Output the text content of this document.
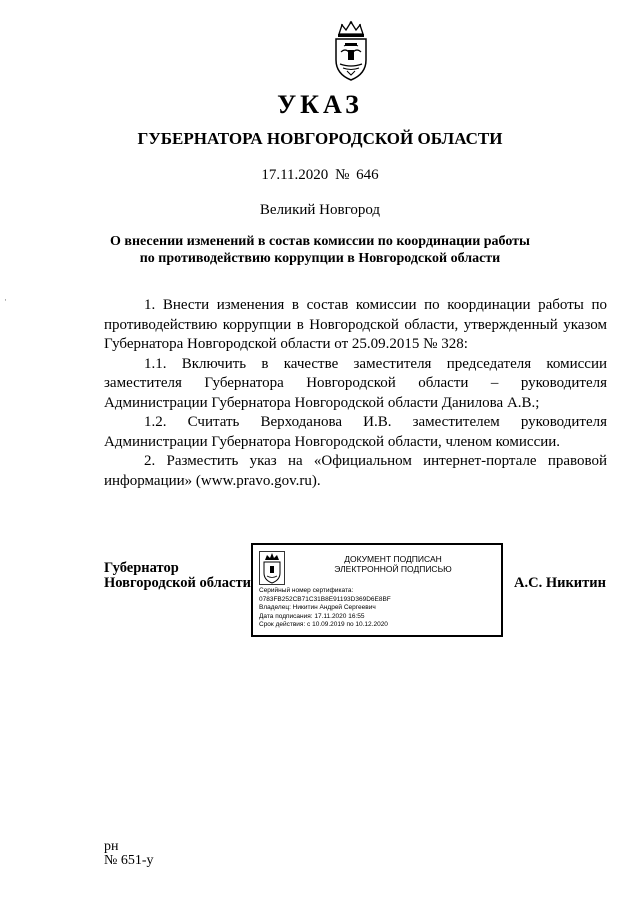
УКАЗ
ГУБЕРНАТОРА НОВГОРОДСКОЙ ОБЛАСТИ
17.11.2020 № 646
Великий Новгород
О внесении изменений в состав комиссии по координации работы
по противодействию коррупции в Новгородской области
·	1. Внести изменения в состав комиссии по координации работы по противодействию коррупции в Новгородской области, утвержденный указом Губернатора Новгородской области от 25.09.2015 № 328:

1.1. Включить в качестве заместителя председателя комиссии заместителя Губернатора Новгородской области – руководителя Администрации Губернатора Новгородской области Данилова А.В.;

1.2. Считать Верходанова И.В. заместителем руководителя Администрации Губернатора Новгородской области, членом комиссии.

2. Разместить указ на «Официальном интернет-портале правовой информации» (www.pravo.gov.ru).

Губернатор
Новгородской области
ДОКУМЕНТ ПОДПИСАН
ЭЛЕКТРОННОЙ ПОДПИСЬЮ
Серийный номер сертификата:
0783FB252CB71C31B8E91193D369D6E8BF
Владелец: Никитин Андрей Сергеевич
Дата подписания: 17.11.2020 16:55
Срок действия: с 10.09.2019 по 10.12.2020
А.С. Никитин
рн
№ 651-у
